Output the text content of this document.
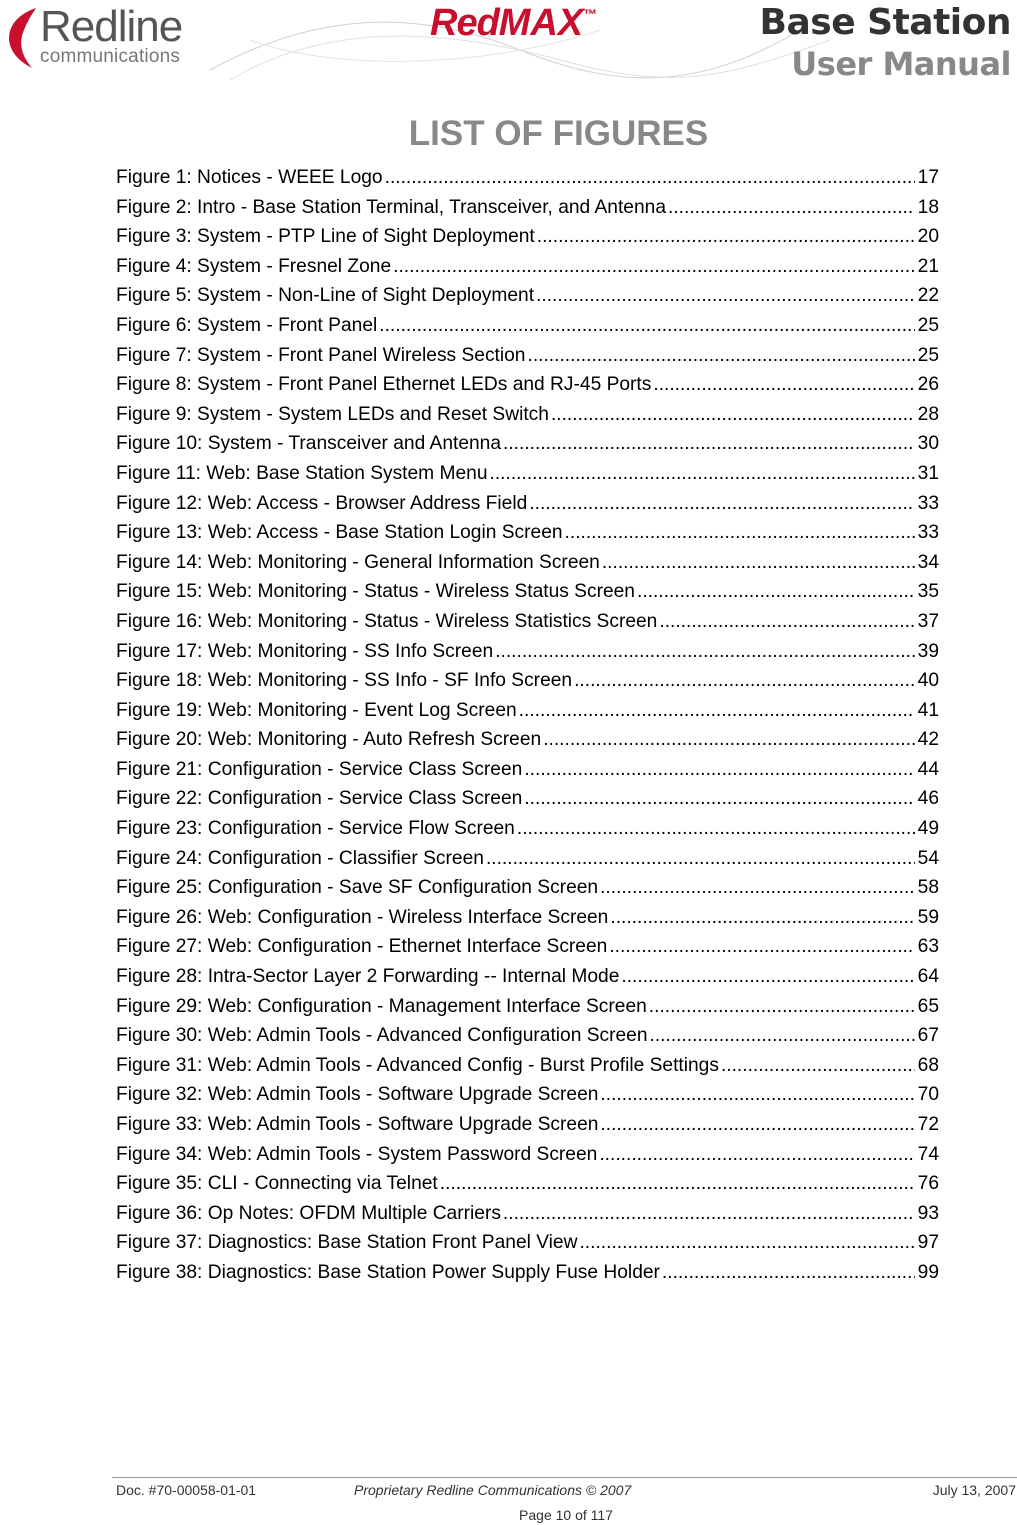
Redline
communications
RedMAX™	Base Station
User Manual
LIST OF FIGURES
Figure 1: Notices - WEEE Logo .....	17
Figure 2: Intro - Base Station Terminal, Transceiver, and Antenna .....	18
Figure 3: System - PTP Line of Sight Deployment .....	20
Figure 4: System - Fresnel Zone .....	21
Figure 5: System - Non-Line of Sight Deployment .....	22
Figure 6: System - Front Panel .....	25
Figure 7: System - Front Panel Wireless Section .....	25
Figure 8: System - Front Panel Ethernet LEDs and RJ-45 Ports .....	26
Figure 9: System - System LEDs and Reset Switch .....	28
Figure 10: System - Transceiver and Antenna .....	30
Figure 11: Web: Base Station System Menu .....	31
Figure 12: Web: Access - Browser Address Field .....	33
Figure 13: Web: Access - Base Station Login Screen .....	33
Figure 14: Web: Monitoring - General Information Screen .....	34
Figure 15: Web: Monitoring - Status - Wireless Status Screen .....	35
Figure 16: Web: Monitoring - Status - Wireless Statistics Screen .....	37
Figure 17: Web: Monitoring - SS Info Screen .....	39
Figure 18: Web: Monitoring - SS Info - SF Info Screen .....	40
Figure 19: Web: Monitoring - Event Log Screen .....	41
Figure 20: Web: Monitoring - Auto Refresh Screen .....	42
Figure 21: Configuration - Service Class Screen .....	44
Figure 22: Configuration - Service Class Screen .....	46
Figure 23: Configuration - Service Flow Screen .....	49
Figure 24: Configuration - Classifier Screen .....	54
Figure 25: Configuration - Save SF Configuration Screen .....	58
Figure 26: Web: Configuration - Wireless Interface Screen .....	59
Figure 27: Web: Configuration - Ethernet Interface Screen .....	63
Figure 28: Intra-Sector Layer 2 Forwarding -- Internal Mode .....	64
Figure 29: Web: Configuration - Management Interface Screen .....	65
Figure 30: Web: Admin Tools - Advanced Configuration Screen .....	67
Figure 31: Web: Admin Tools - Advanced Config - Burst Profile Settings .....	68
Figure 32: Web: Admin Tools - Software Upgrade Screen .....	70
Figure 33: Web: Admin Tools - Software Upgrade Screen .....	72
Figure 34: Web: Admin Tools - System Password Screen .....	74
Figure 35: CLI - Connecting via Telnet .....	76
Figure 36: Op Notes: OFDM Multiple Carriers .....	93
Figure 37: Diagnostics: Base Station Front Panel View .....	97
Figure 38: Diagnostics: Base Station Power Supply Fuse Holder .....	99
Doc. #70-00058-01-01	Proprietary Redline Communications © 2007	July 13, 2007
Page 10 of 117
